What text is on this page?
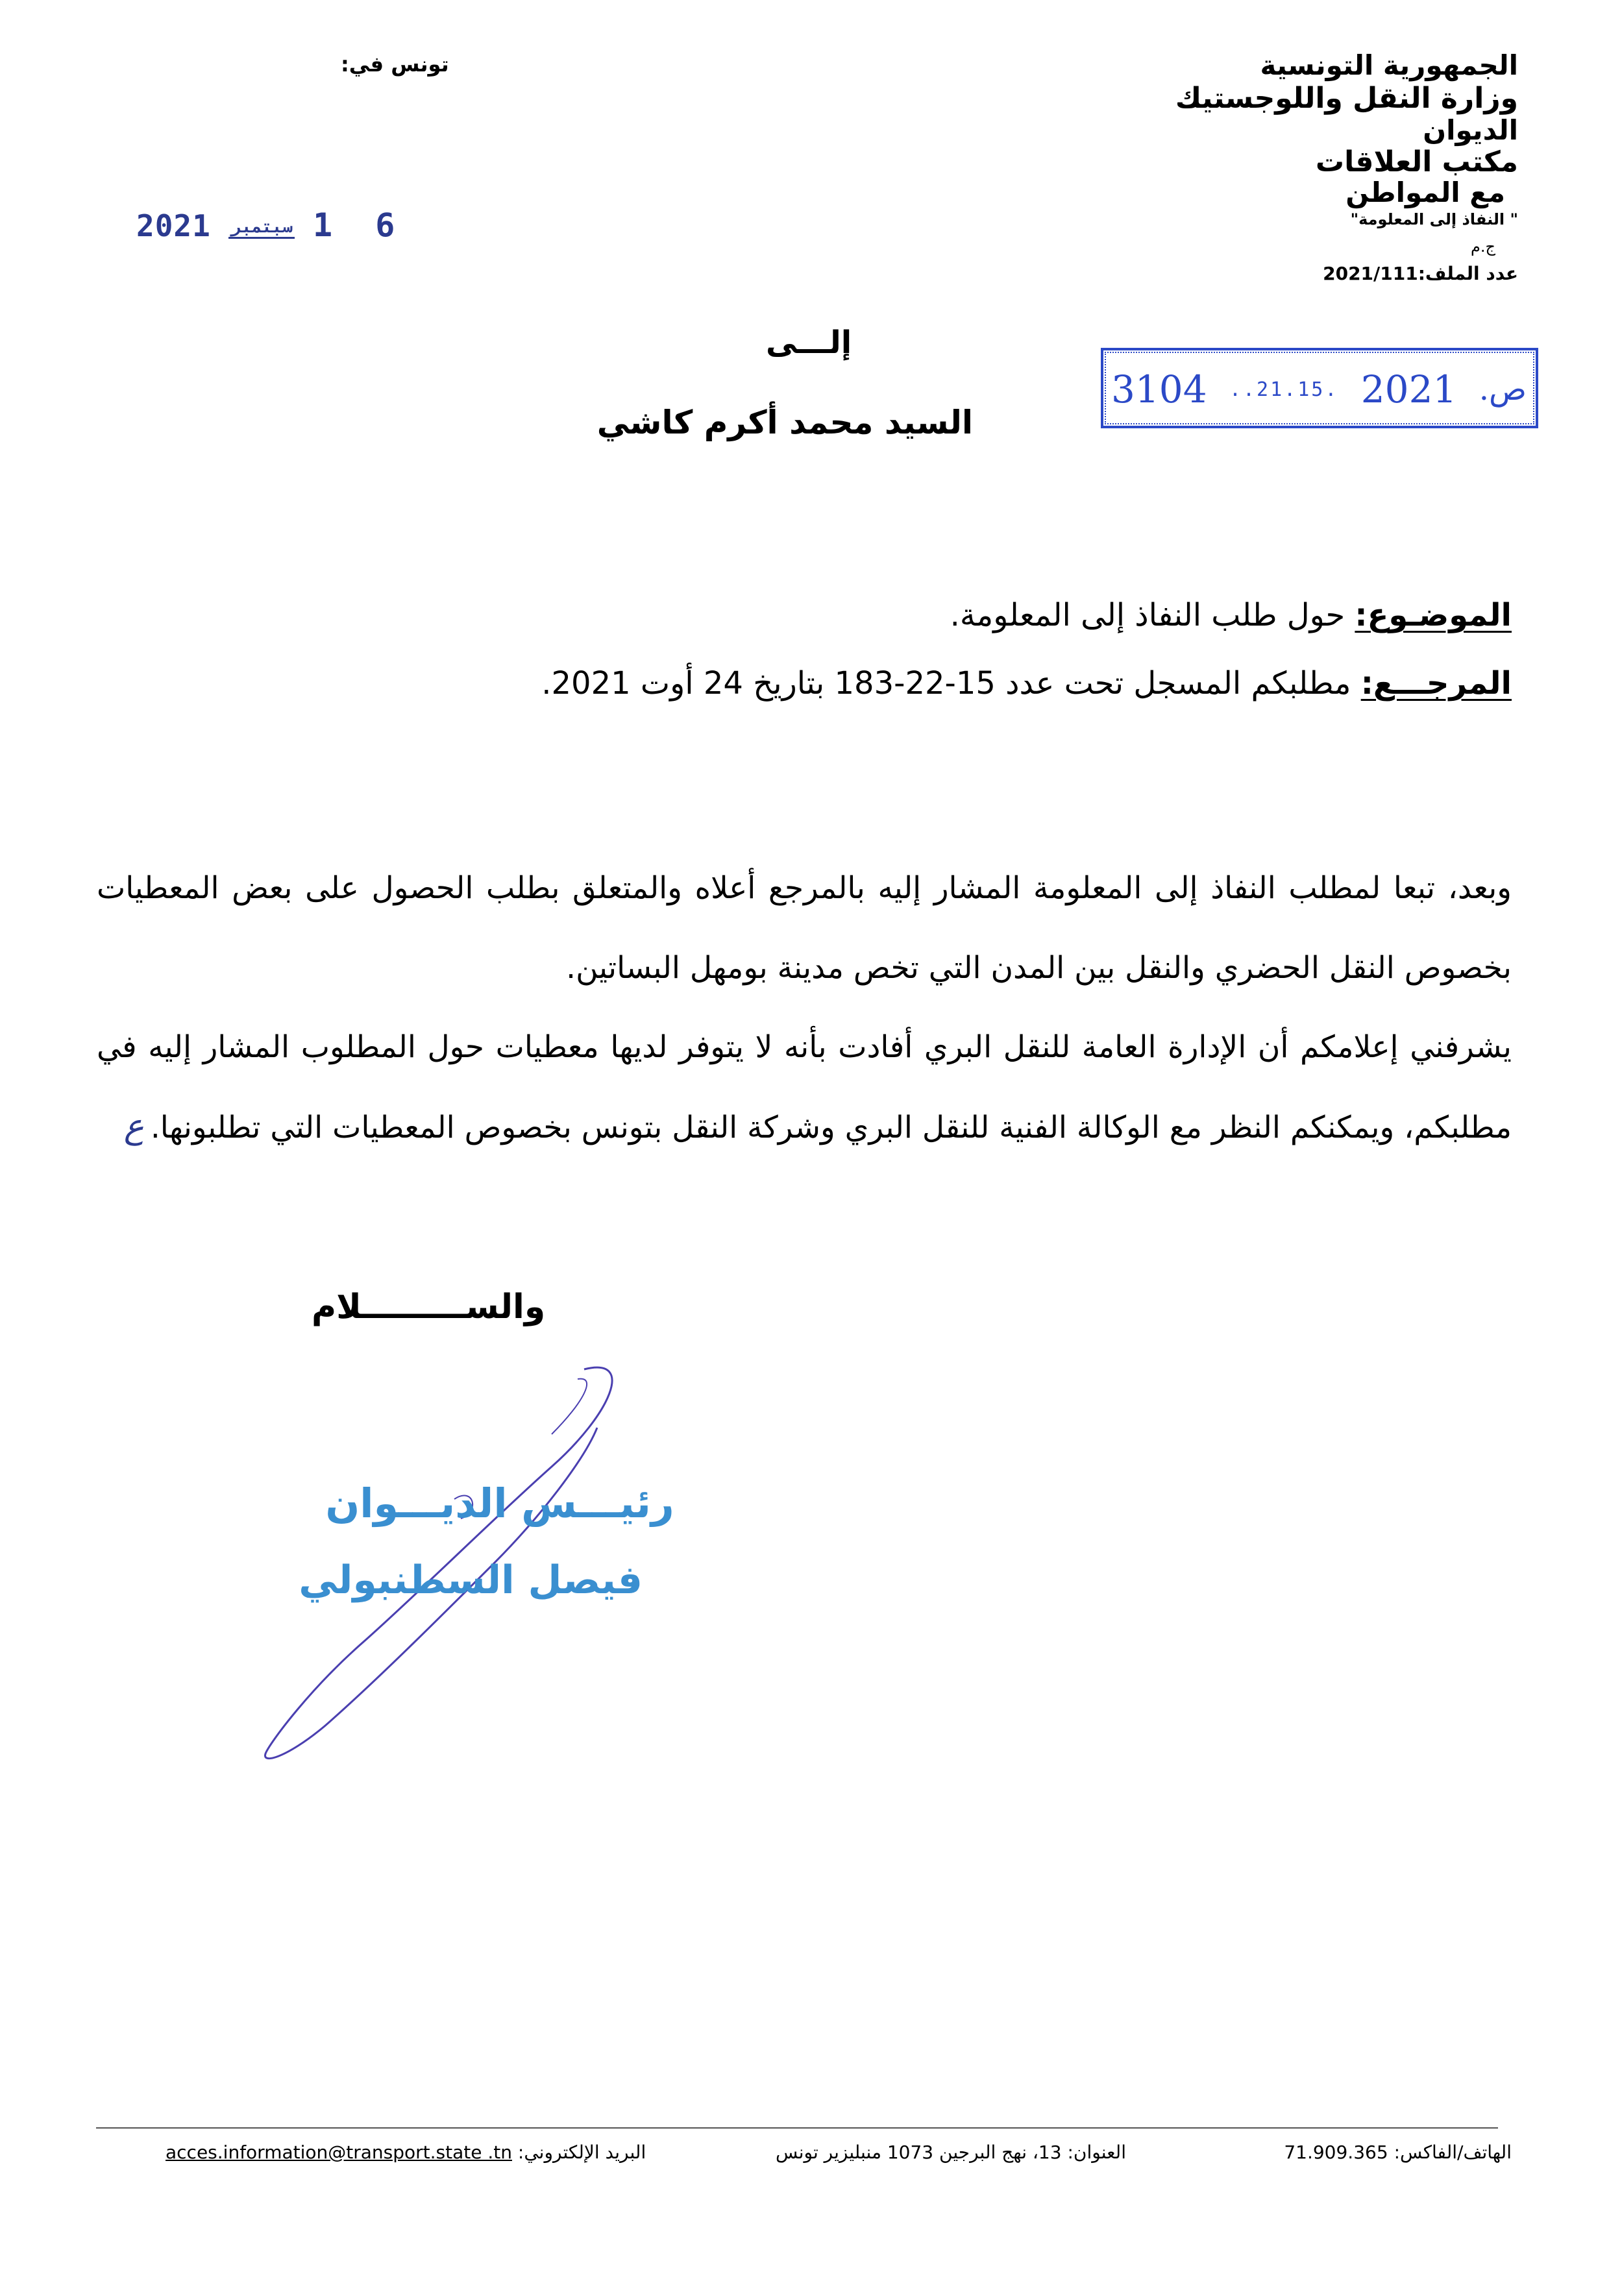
الجمهورية التونسية
وزارة النقل واللوجستيك
الديوان
مكتب العلاقات
مع المواطن
" النفاذ إلى المعلومة"
ج.م
عدد الملف:2021/111
تونس في:
2021 سبتمبر 1 6
3104 ..21.15. 2021 ص.
إلـــى
السيد محمد أكرم كاشي
الموضـوع: حول طلب النفاذ إلى المعلومة.
المرجـــع: مطلبكم المسجل تحت عدد 15-22-183 بتاريخ 24 أوت 2021.
وبعد، تبعا لمطلب النفاذ إلى المعلومة المشار إليه بالمرجع أعلاه والمتعلق بطلب الحصول على بعض المعطيات بخصوص النقل الحضري والنقل بين المدن التي تخص مدينة بومهل البساتين.
يشرفني إعلامكم أن الإدارة العامة للنقل البري أفادت بأنه لا يتوفر لديها معطيات حول المطلوب المشار إليه في مطلبكم، ويمكنكم النظر مع الوكالة الفنية للنقل البري وشركة النقل بتونس بخصوص المعطيات التي تطلبونها.ع
والســـــــــلام
رئيـــس الديـــوان
فيصل السطنبولي
الهاتف/الفاكس: 71.909.365
العنوان: 13، نهج البرجين 1073 منبليزير تونس
البريد الإلكتروني: acces.information@transport.state .tn
